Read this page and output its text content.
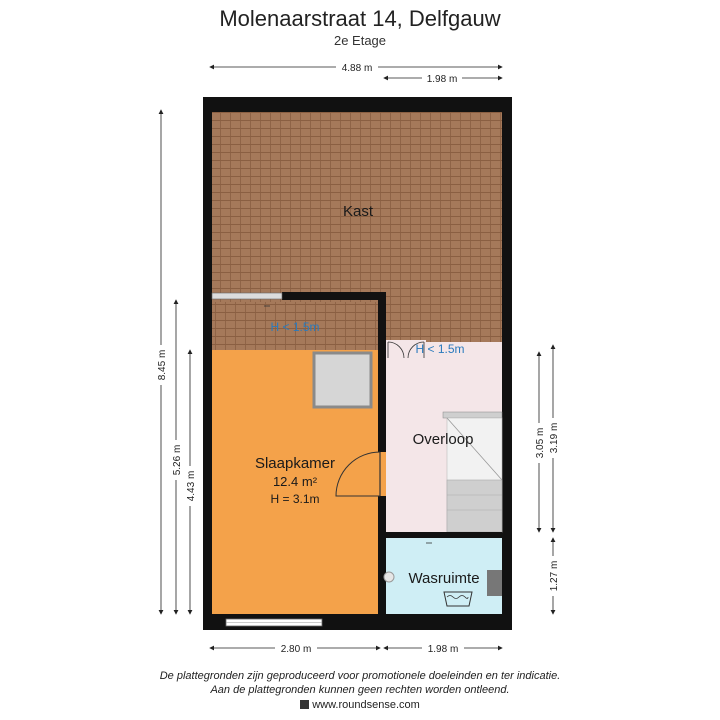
Molenaarstraat 14, Delfgauw
2e Etage
Kast
H < 1.5m
H < 1.5m
Slaapkamer
12.4 m²
H = 3.1m
Overloop
Wasruimte
4.88 m
1.98 m
2.80 m	1.98 m
8.45 m
5.26 m
4.43 m
3.05 m 3.19 m
1.27 m
De plattegronden zijn geproduceerd voor promotionele doeleinden en ter indicatie.
Aan de plattegronden kunnen geen rechten worden ontleend.
www.roundsense.com
